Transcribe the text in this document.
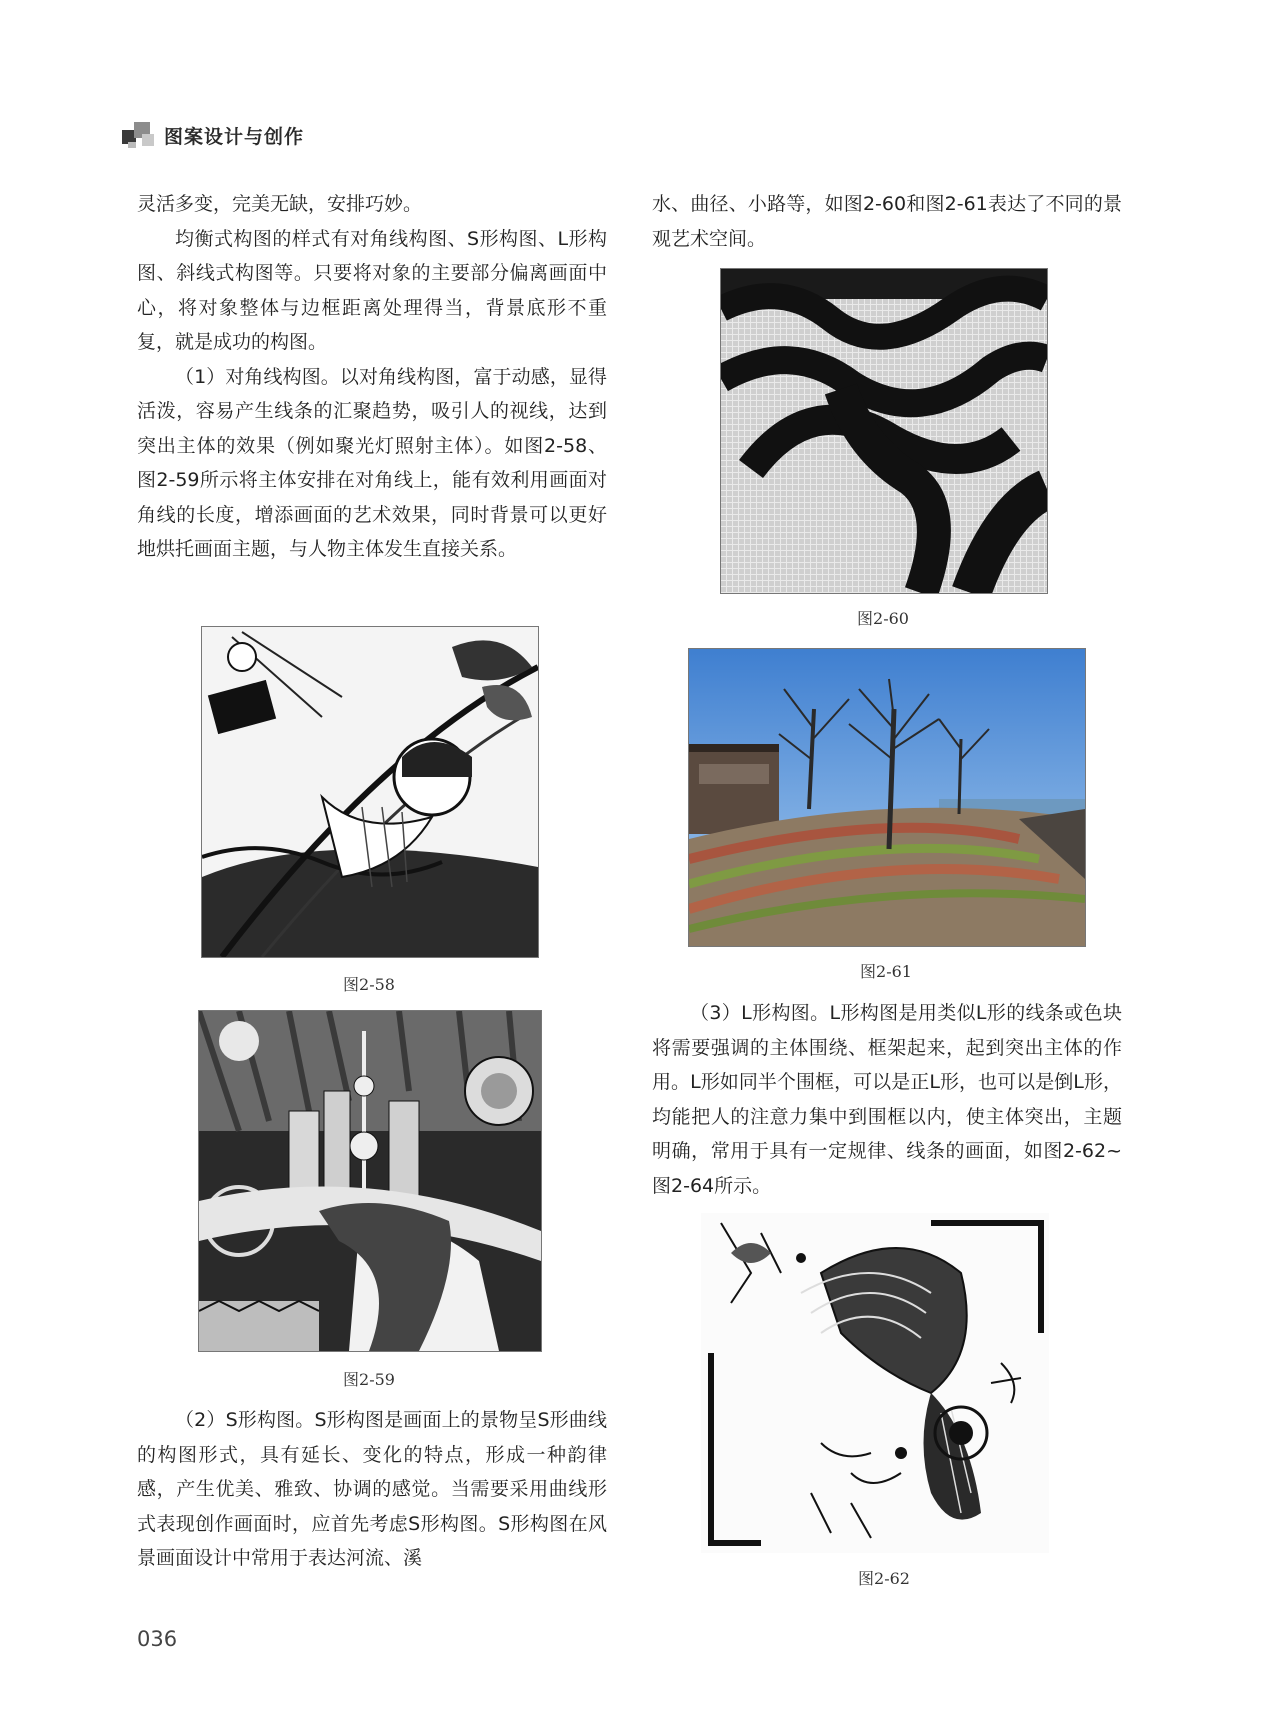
图案设计与创作

灵活多变，完美无缺，安排巧妙。

均衡式构图的样式有对角线构图、S形构图、L形构图、斜线式构图等。只要将对象的主要部分偏离画面中心，将对象整体与边框距离处理得当，背景底形不重复，就是成功的构图。

（1）对角线构图。以对角线构图，富于动感，显得活泼，容易产生线条的汇聚趋势，吸引人的视线，达到突出主体的效果（例如聚光灯照射主体）。如图2-58、图2-59所示将主体安排在对角线上，能有效利用画面对角线的长度，增添画面的艺术效果，同时背景可以更好地烘托画面主题，与人物主体发生直接关系。

图2-58
图2-59

（2）S形构图。S形构图是画面上的景物呈S形曲线的构图形式，具有延长、变化的特点，形成一种韵律感，产生优美、雅致、协调的感觉。当需要采用曲线形式表现创作画面时，应首先考虑S形构图。S形构图在风景画面设计中常用于表达河流、溪

水、曲径、小路等，如图2-60和图2-61表达了不同的景观艺术空间。

图2-60
图2-61

（3）L形构图。L形构图是用类似L形的线条或色块将需要强调的主体围绕、框架起来，起到突出主体的作用。L形如同半个围框，可以是正L形，也可以是倒L形，均能把人的注意力集中到围框以内，使主体突出，主题明确，常用于具有一定规律、线条的画面，如图2-62~图2-64所示。

图2-62
036
